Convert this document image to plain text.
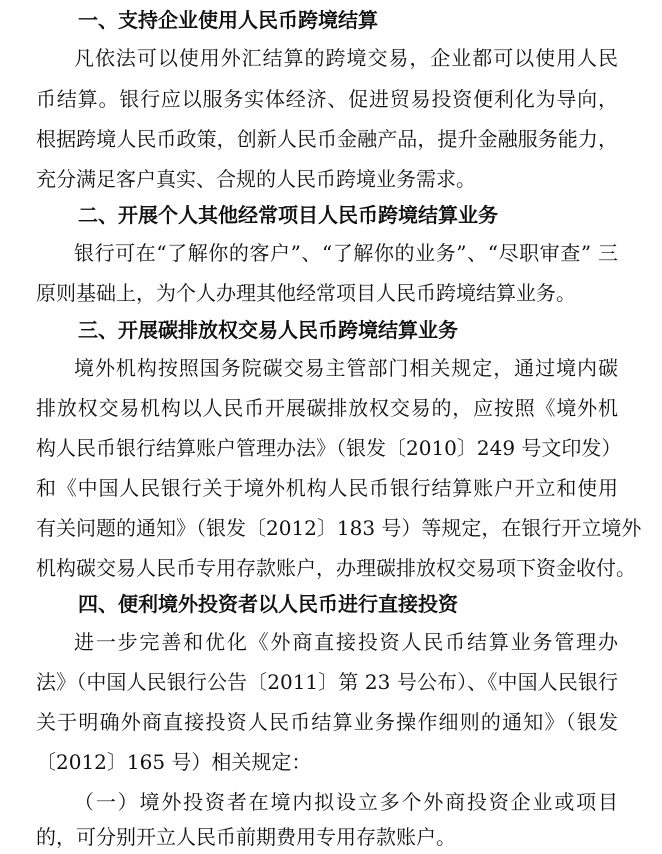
一、支持企业使用人民币跨境结算
凡依法可以使用外汇结算的跨境交易，企业都可以使用人民
币结算。银行应以服务实体经济、促进贸易投资便利化为导向，
根据跨境人民币政策，创新人民币金融产品，提升金融服务能力，
充分满足客户真实、合规的人民币跨境业务需求。
二、开展个人其他经常项目人民币跨境结算业务
银行可在“了解你的客户”、“了解你的业务”、“尽职审查” 三
原则基础上，为个人办理其他经常项目人民币跨境结算业务。
三、开展碳排放权交易人民币跨境结算业务
境外机构按照国务院碳交易主管部门相关规定，通过境内碳
排放权交易机构以人民币开展碳排放权交易的，应按照《境外机
构人民币银行结算账户管理办法》（银发〔2010〕249 号文印发）
和《中国人民银行关于境外机构人民币银行结算账户开立和使用
有关问题的通知》（银发〔2012〕183 号）等规定，在银行开立境外
机构碳交易人民币专用存款账户，办理碳排放权交易项下资金收付。
四、便利境外投资者以人民币进行直接投资
进一步完善和优化《外商直接投资人民币结算业务管理办
法》（中国人民银行公告〔2011〕第 23 号公布）、《中国人民银行
关于明确外商直接投资人民币结算业务操作细则的通知》（银发
〔2012〕165 号）相关规定：
（一）境外投资者在境内拟设立多个外商投资企业或项目
的，可分别开立人民币前期费用专用存款账户。
